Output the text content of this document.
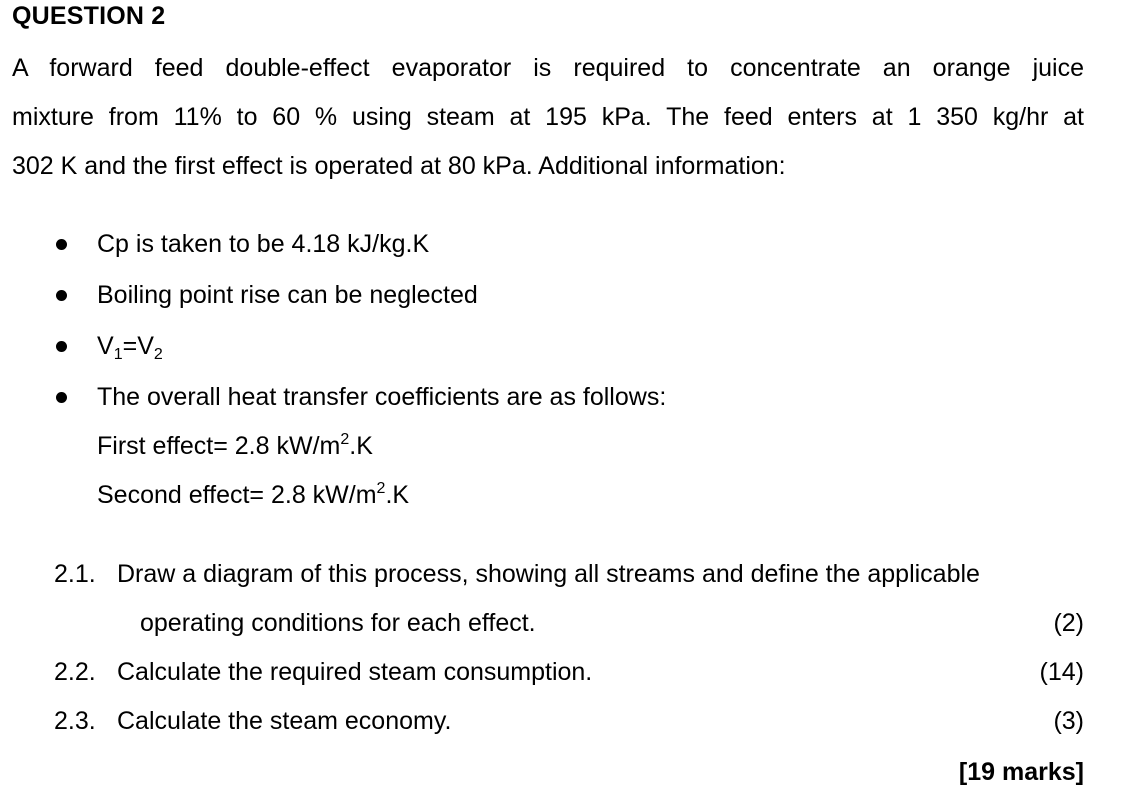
QUESTION 2
A forward feed double-effect evaporator is required to concentrate an orange juice
mixture from 11% to 60 % using steam at 195 kPa. The feed enters at 1 350 kg/hr at
302 K and the first effect is operated at 80 kPa. Additional information:
Cp is taken to be 4.18 kJ/kg.K
Boiling point rise can be neglected
$V_1=V_2$
The overall heat transfer coefficients are as follows:
First effect= 2.8 $kW/m^2.K$
Second effect= 2.8 $kW/m^2.K$
2.1. Draw a diagram of this process, showing all streams and define the applicable
operating conditions for each effect.	(2)
2.2. Calculate the required steam consumption.	(14)
2.3. Calculate the steam economy.	(3)
[19 marks]
